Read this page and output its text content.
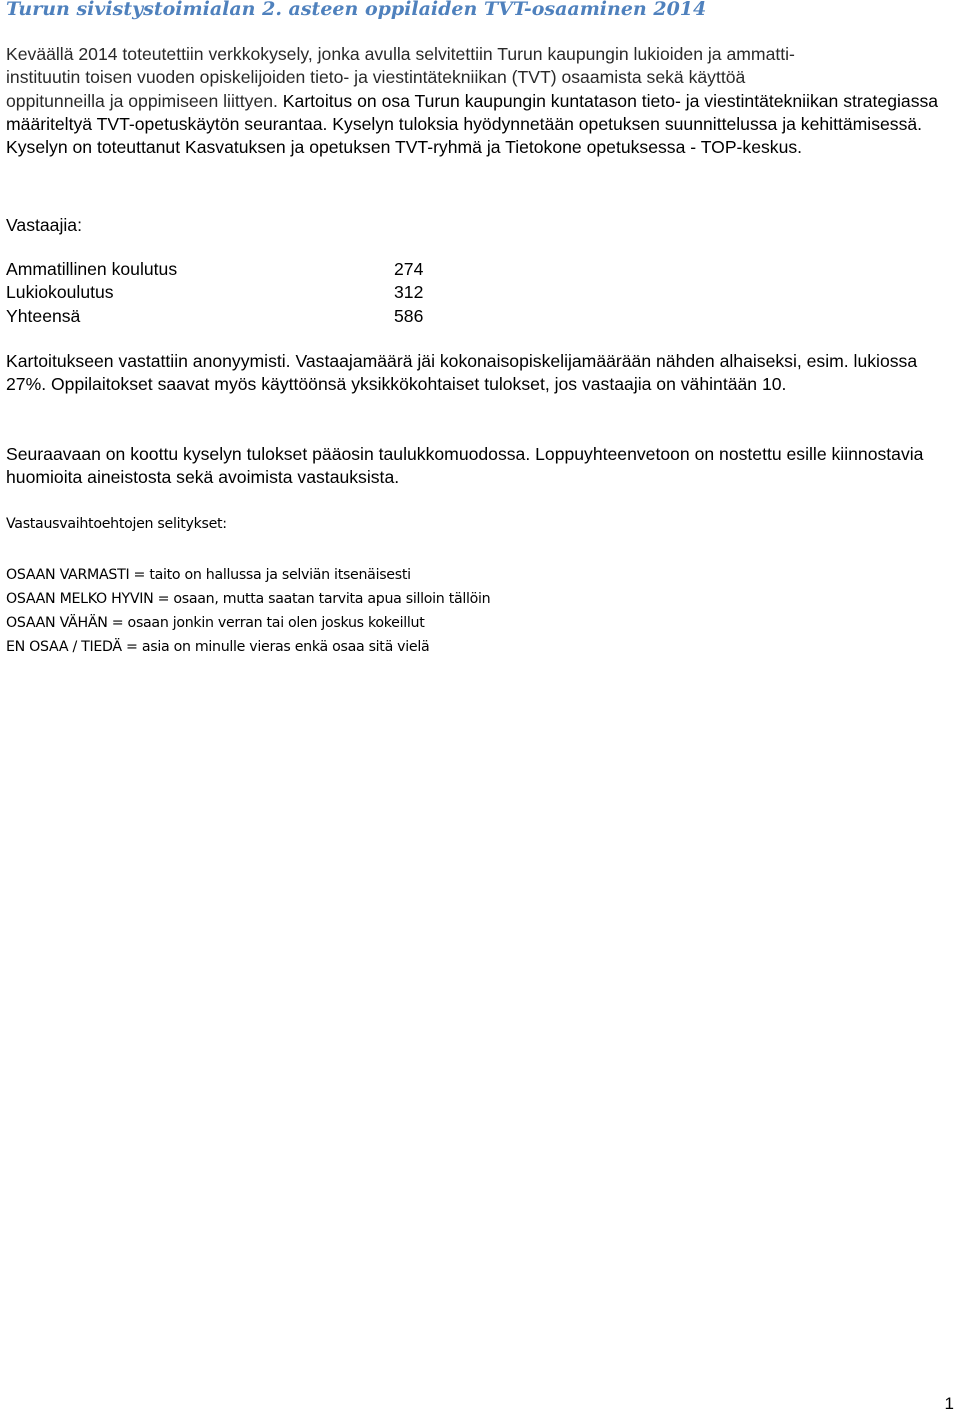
Turun sivistystoimialan 2. asteen oppilaiden TVT-osaaminen 2014
Keväällä 2014 toteutettiin verkkokysely, jonka avulla selvitettiin Turun kaupungin lukioiden ja ammatti-
instituutin toisen vuoden opiskelijoiden tieto- ja viestintätekniikan (TVT) osaamista sekä käyttöä
oppitunneilla ja oppimiseen liittyen. Kartoitus on osa Turun kaupungin kuntatason tieto- ja viestintätekniikan strategiassa määriteltyä TVT-opetuskäytön seurantaa. Kyselyn tuloksia hyödynnetään opetuksen suunnittelussa ja kehittämisessä. Kyselyn on toteuttanut Kasvatuksen ja opetuksen TVT-ryhmä ja Tietokone opetuksessa - TOP-keskus.

Vastaajia:

Ammatillinen koulutus	274
Lukiokoulutus	312
Yhteensä	586

Kartoitukseen vastattiin anonyymisti. Vastaajamäärä jäi kokonaisopiskelijamäärään nähden alhaiseksi, esim. lukiossa 27%. Oppilaitokset saavat myös käyttöönsä yksikkökohtaiset tulokset, jos vastaajia on vähintään 10.

Seuraavaan on koottu kyselyn tulokset pääosin taulukkomuodossa. Loppuyhteenvetoon on nostettu esille kiinnostavia huomioita aineistosta sekä avoimista vastauksista.

Vastausvaihtoehtojen selitykset:

OSAAN VARMASTI = taito on hallussa ja selviän itsenäisesti
OSAAN MELKO HYVIN = osaan, mutta saatan tarvita apua silloin tällöin
OSAAN VÄHÄN = osaan jonkin verran tai olen joskus kokeillut
EN OSAA / TIEDÄ = asia on minulle vieras enkä osaa sitä vielä
1
